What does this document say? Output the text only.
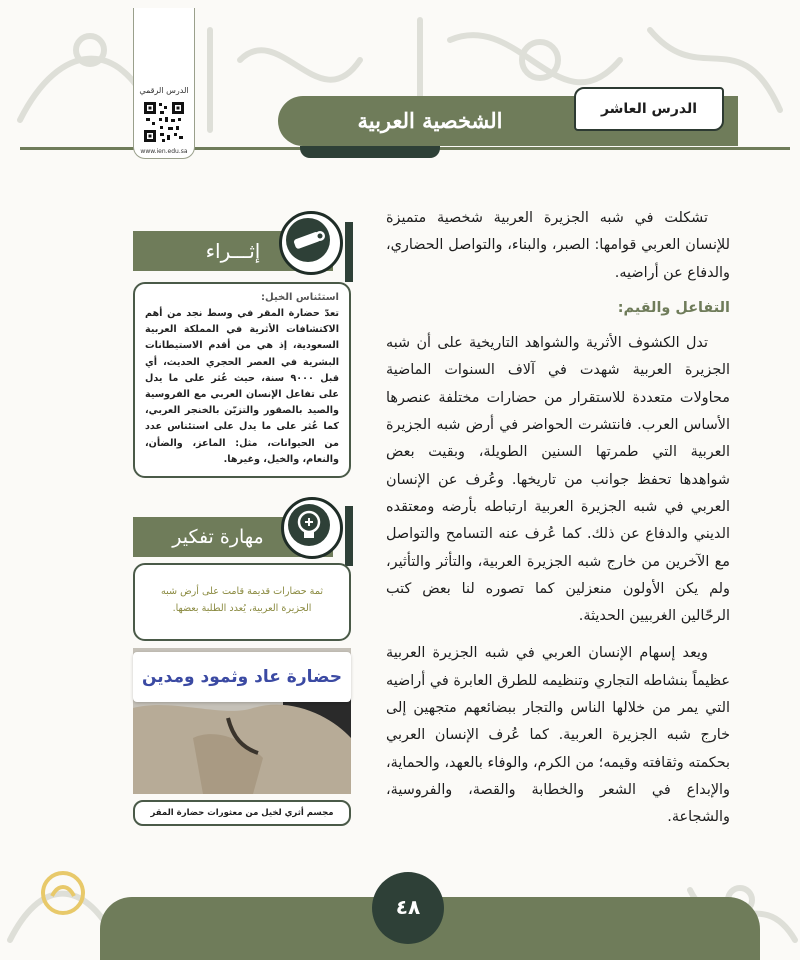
الدرس الرقمي
www.ien.edu.sa
الشخصية العربية	الدرس العاشر

تشكلت في شبه الجزيرة العربية شخصية متميزة للإنسان العربي قوامها: الصبر، والبناء، والتواصل الحضاري، والدفاع عن أراضيه.

التفاعل والقيم:

تدل الكشوف الأثرية والشواهد التاريخية على أن شبه الجزيرة العربية شهدت في آلاف السنوات الماضية محاولات متعددة للاستقرار من حضارات مختلفة عنصرها الأساس العرب. فانتشرت الحواضر في أرض شبه الجزيرة العربية التي طمرتها السنين الطويلة، وبقيت بعض شواهدها تحفظ جوانب من تاريخها. وعُرف عن الإنسان العربي في شبه الجزيرة العربية ارتباطه بأرضه ومعتقده الديني والدفاع عن ذلك. كما عُرف عنه التسامح والتواصل مع الآخرين من خارج شبه الجزيرة العربية، والتأثر والتأثير، ولم يكن الأولون منعزلين كما تصوره لنا بعض كتب الرحّالين الغربيين الحديثة.

ويعد إسهام الإنسان العربي في شبه الجزيرة العربية عظيماً بنشاطه التجاري وتنظيمه للطرق العابرة في أراضيه التي يمر من خلالها الناس والتجار ببضائعهم متجهين إلى خارج شبه الجزيرة العربية. كما عُرف الإنسان العربي بحكمته وثقافته وقيمه؛ من الكرم، والوفاء بالعهد، والحماية، والإبداع في الشعر والخطابة والقصة، والفروسية، والشجاعة.

إثـــراء
استئناس الخيل:
تعدّ حضارة المقر في وسط نجد من أهم الاكتشافات الأثرية في المملكة العربية السعودية، إذ هي من أقدم الاستيطانات البشرية في العصر الحجري الحديث، أي قبل ٩٠٠٠ سنة، حيث عُثر على ما يدل على تفاعل الإنسان العربي مع الفروسية والصيد بالصقور والتزيّن بالخنجر العربي، كما عُثر على ما يدل على استئناس عدد من الحيوانات، مثل: الماعز، والضأن، والنعام، والخيل، وغيرها.
مهارة تفكير
ثمة حضارات قديمة قامت على أرض شبه الجزيرة العربية، يُعدد الطلبة بعضها.
حضارة عاد وثمود ومدين
مجسم أثري لخيل من معثورات حضارة المقر
٤٨
